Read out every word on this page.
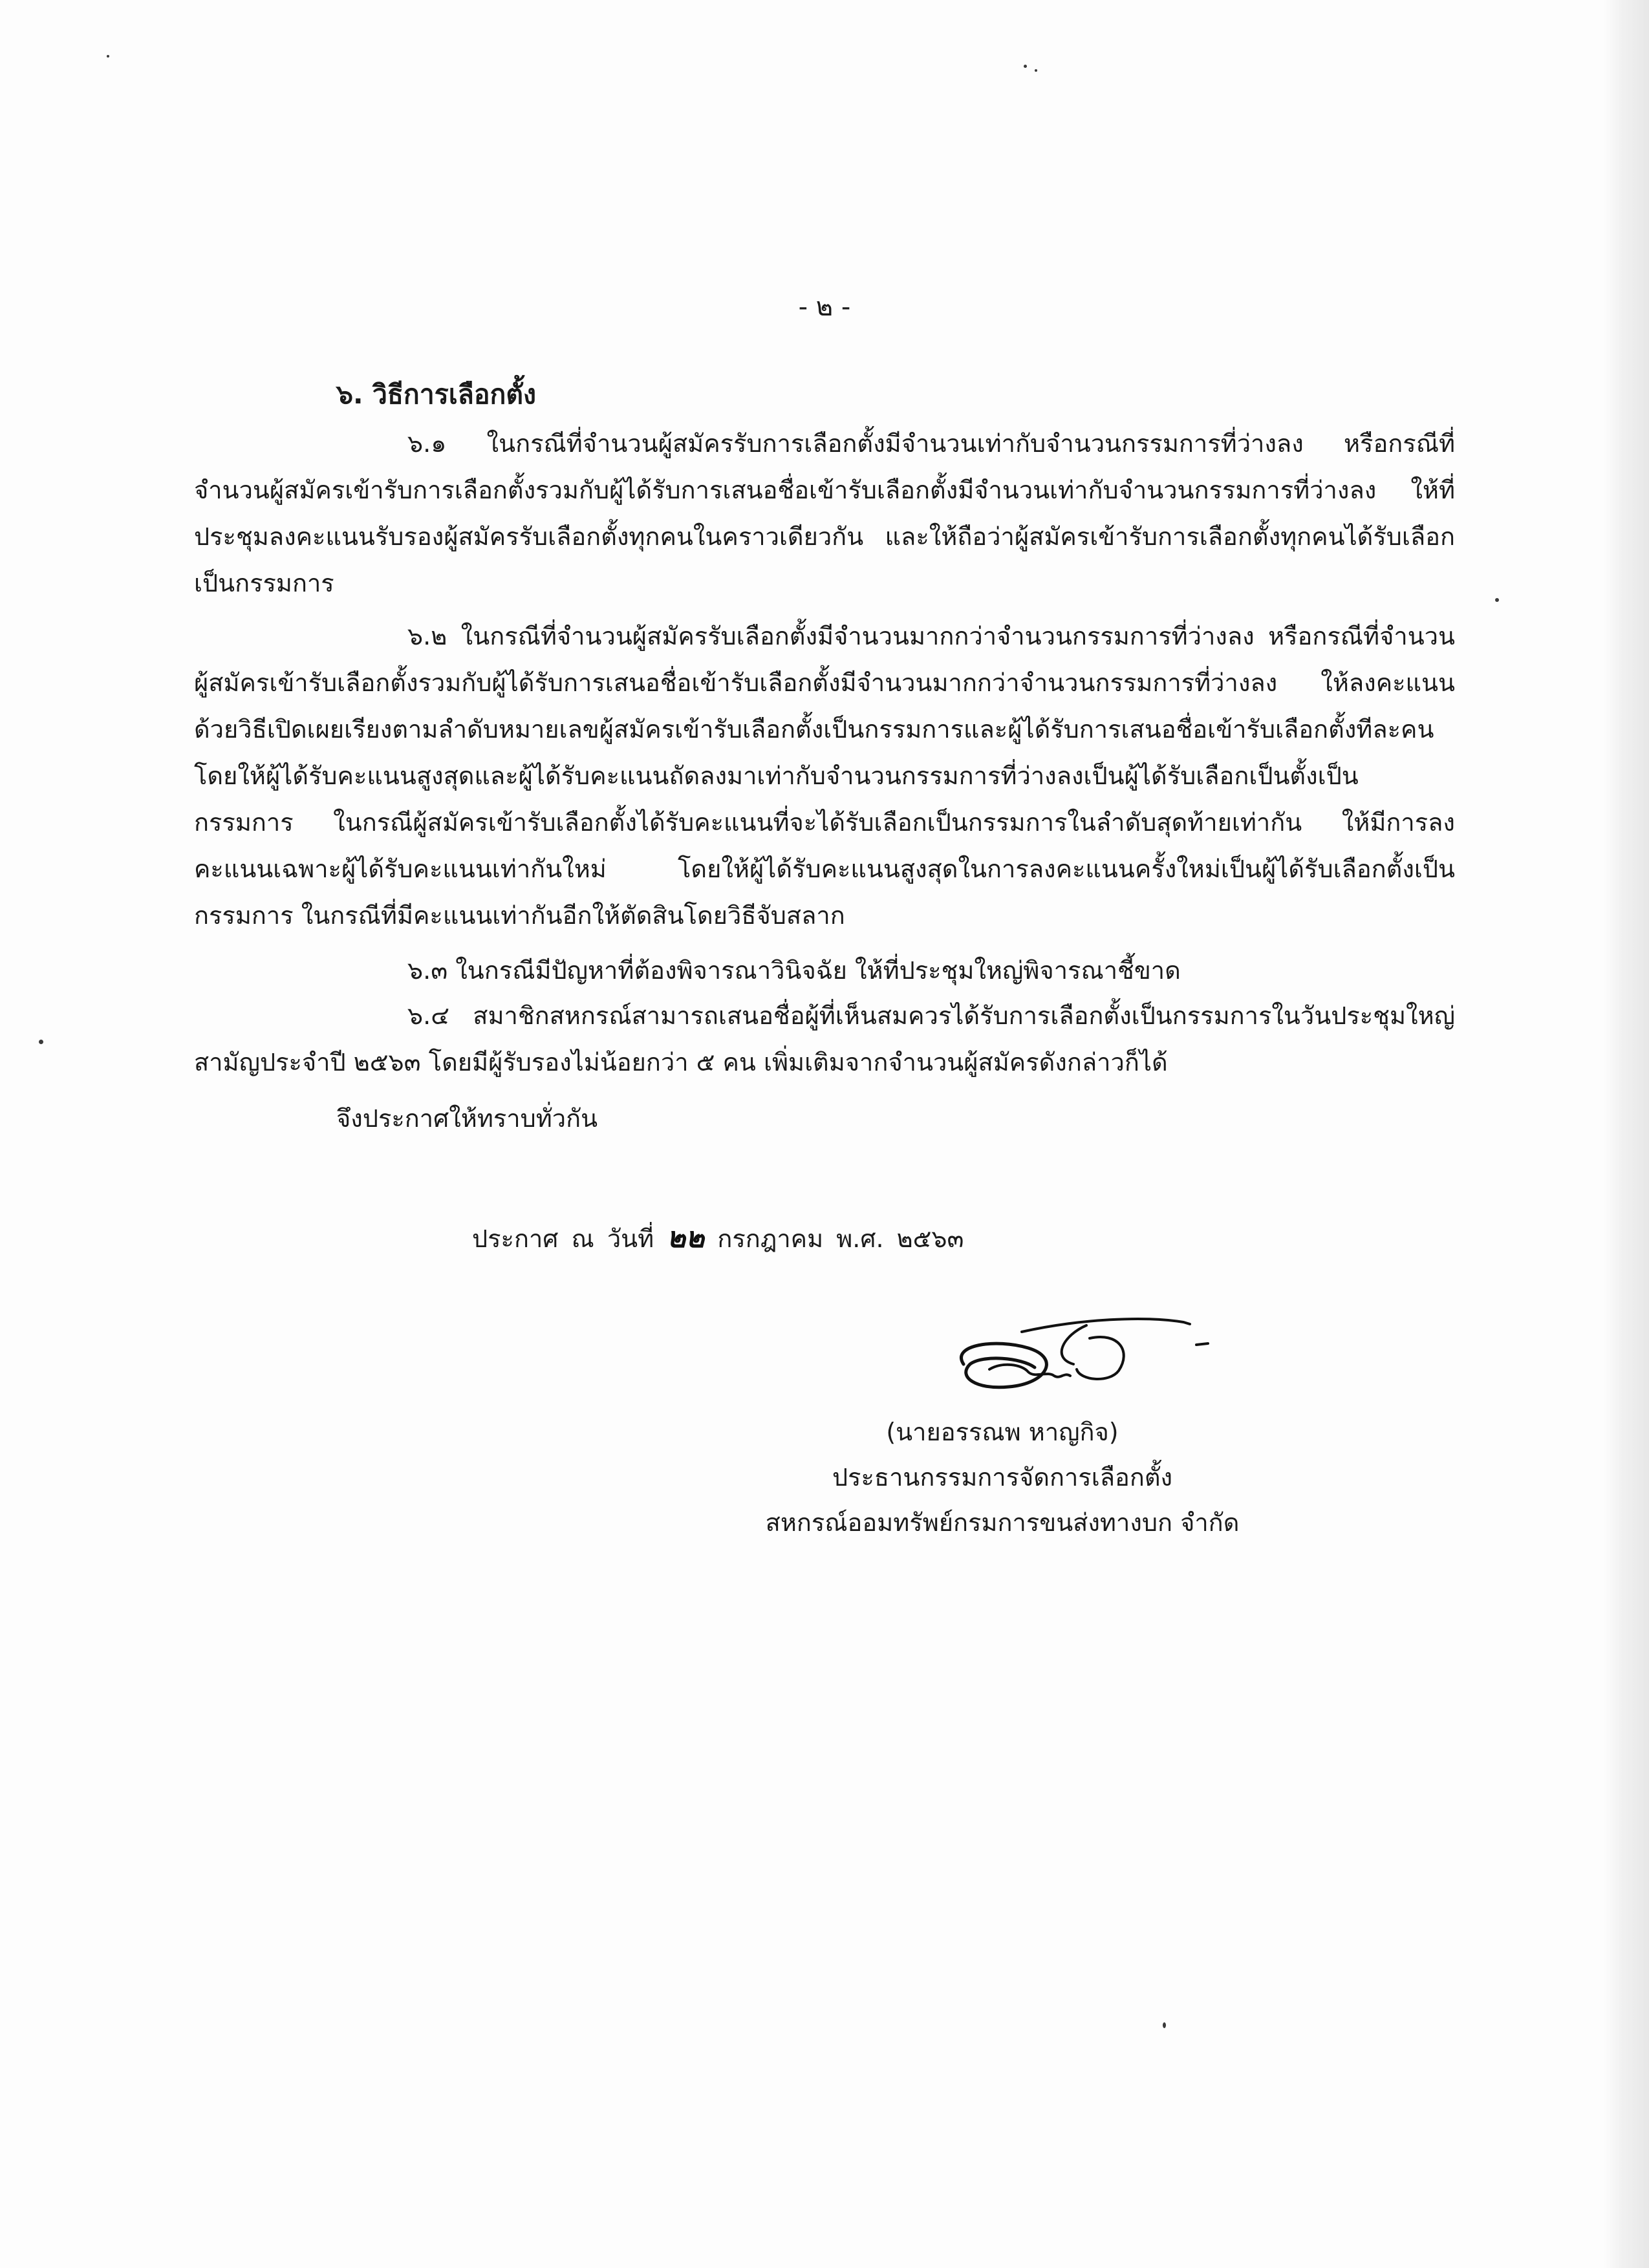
- ๒ -
๖. วิธีการเลือกตั้ง

๖.๑ ในกรณีที่จำนวนผู้สมัครรับการเลือกตั้งมีจำนวนเท่ากับจำนวนกรรมการที่ว่างลง หรือกรณีที่จำนวนผู้สมัครเข้ารับการเลือกตั้งรวมกับผู้ได้รับการเสนอชื่อเข้ารับเลือกตั้งมีจำนวนเท่ากับจำนวนกรรมการที่ว่างลง ให้ที่ประชุมลงคะแนนรับรองผู้สมัครรับเลือกตั้งทุกคนในคราวเดียวกัน และให้ถือว่าผู้สมัครเข้ารับการเลือกตั้งทุกคนได้รับเลือกเป็นกรรมการ

๖.๒ ในกรณีที่จำนวนผู้สมัครรับเลือกตั้งมีจำนวนมากกว่าจำนวนกรรมการที่ว่างลง หรือกรณีที่จำนวนผู้สมัครเข้ารับเลือกตั้งรวมกับผู้ได้รับการเสนอชื่อเข้ารับเลือกตั้งมีจำนวนมากกว่าจำนวนกรรมการที่ว่างลง ให้ลงคะแนนด้วยวิธีเปิดเผยเรียงตามลำดับหมายเลขผู้สมัครเข้ารับเลือกตั้งเป็นกรรมการและผู้ได้รับการเสนอชื่อเข้ารับเลือกตั้งทีละคน โดยให้ผู้ได้รับคะแนนสูงสุดและผู้ได้รับคะแนนถัดลงมาเท่ากับจำนวนกรรมการที่ว่างลงเป็นผู้ได้รับเลือกเป็นตั้งเป็นกรรมการ ในกรณีผู้สมัครเข้ารับเลือกตั้งได้รับคะแนนที่จะได้รับเลือกเป็นกรรมการในลำดับสุดท้ายเท่ากัน ให้มีการลงคะแนนเฉพาะผู้ได้รับคะแนนเท่ากันใหม่ โดยให้ผู้ได้รับคะแนนสูงสุดในการลงคะแนนครั้งใหม่เป็นผู้ได้รับเลือกตั้งเป็นกรรมการ ในกรณีที่มีคะแนนเท่ากันอีกให้ตัดสินโดยวิธีจับสลาก

๖.๓ ในกรณีมีปัญหาที่ต้องพิจารณาวินิจฉัย ให้ที่ประชุมใหญ่พิจารณาชี้ขาด

๖.๔ สมาชิกสหกรณ์สามารถเสนอชื่อผู้ที่เห็นสมควรได้รับการเลือกตั้งเป็นกรรมการในวันประชุมใหญ่สามัญประจำปี ๒๕๖๓ โดยมีผู้รับรองไม่น้อยกว่า ๕ คน เพิ่มเติมจากจำนวนผู้สมัครดังกล่าวก็ได้

จึงประกาศให้ทราบทั่วกัน
ประกาศ ณ วันที่ ๒๒ กรกฎาคม พ.ศ. ๒๕๖๓
(นายอรรณพ หาญกิจ)
ประธานกรรมการจัดการเลือกตั้ง
สหกรณ์ออมทรัพย์กรมการขนส่งทางบก จำกัด
